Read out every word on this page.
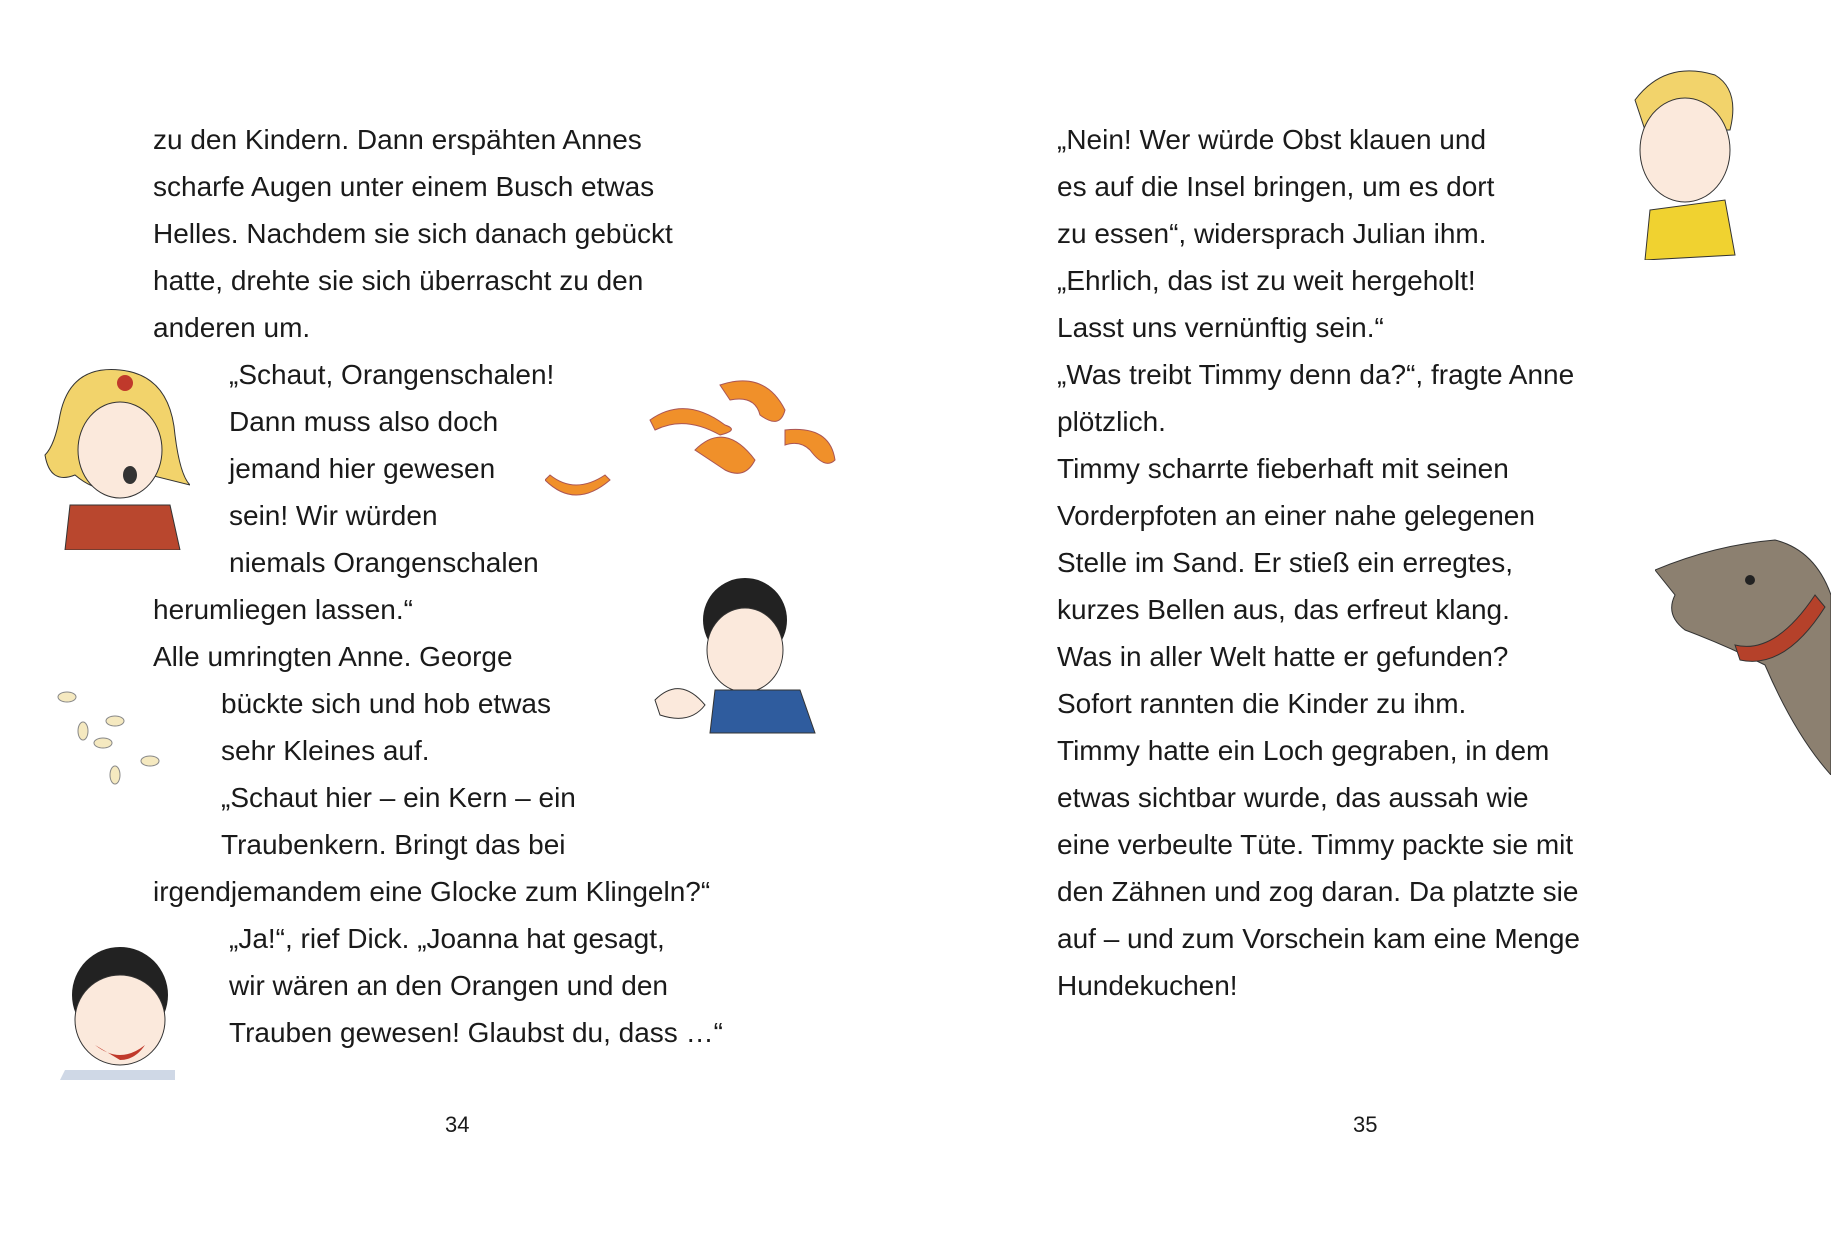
zu den Kindern. Dann erspähten Annes
scharfe Augen unter einem Busch etwas
Helles. Nachdem sie sich danach gebückt
hatte, drehte sie sich überrascht zu den
anderen um.
„Schaut, Orangenschalen!
Dann muss also doch
jemand hier gewesen
sein! Wir würden
niemals Orangenschalen
herumliegen lassen.“
Alle umringten Anne. George
bückte sich und hob etwas
sehr Kleines auf.
„Schaut hier – ein Kern – ein
Traubenkern. Bringt das bei
irgendjemandem eine Glocke zum Klingeln?“
„Ja!“, rief Dick. „Joanna hat gesagt,
wir wären an den Orangen und den
Trauben gewesen! Glaubst du, dass …“
„Nein! Wer würde Obst klauen und
es auf die Insel bringen, um es dort
zu essen“, widersprach Julian ihm.
„Ehrlich, das ist zu weit hergeholt!
Lasst uns vernünftig sein.“
„Was treibt Timmy denn da?“, fragte Anne
plötzlich.
Timmy scharrte fieberhaft mit seinen
Vorderpfoten an einer nahe gelegenen
Stelle im Sand. Er stieß ein erregtes,
kurzes Bellen aus, das erfreut klang.
Was in aller Welt hatte er gefunden?
Sofort rannten die Kinder zu ihm.
Timmy hatte ein Loch gegraben, in dem
etwas sichtbar wurde, das aussah wie
eine verbeulte Tüte. Timmy packte sie mit
den Zähnen und zog daran. Da platzte sie
auf – und zum Vorschein kam eine Menge
Hundekuchen!
34	35
